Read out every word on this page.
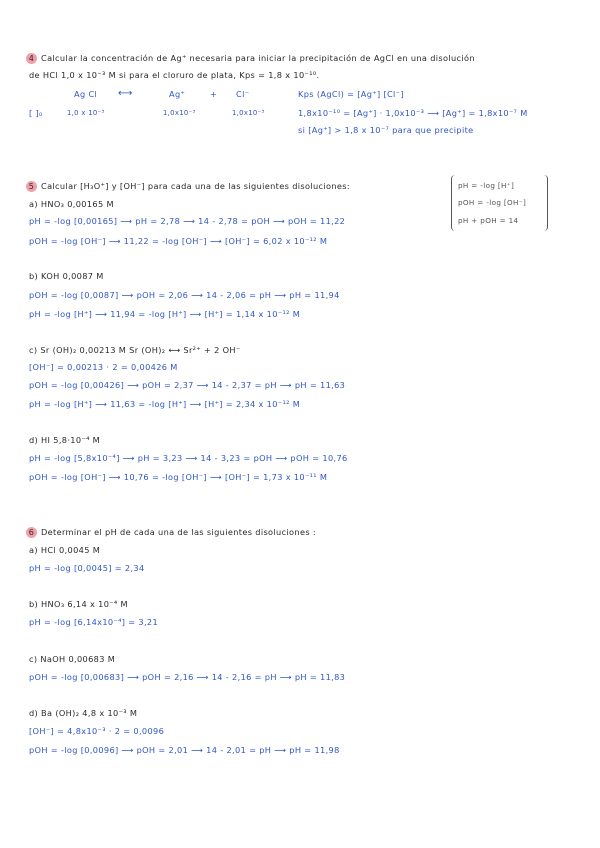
4 Calcular la concentración de Ag⁺ necesaria para iniciar la precipitación de AgCl en una disolución
de HCl 1,0 x 10⁻³ M si para el cloruro de plata, Kps = 1,8 x 10⁻¹⁰.
Ag Cl ⟷	Ag⁺	+ Cl⁻	Kps (AgCl) = [Ag⁺] [Cl⁻]
[ ]₀	1,0 x 10⁻³	1,0x10⁻³	1,0x10⁻³	1,8x10⁻¹⁰ = [Ag⁺] · 1,0x10⁻³ ⟶ [Ag⁺] = 1,8x10⁻⁷ M
si [Ag⁺] > 1,8 x 10⁻⁷ para que precipite
5 Calcular [H₃O⁺] y [OH⁻] para cada una de las siguientes disoluciones:	pH = -log [H⁺]
pOH = -log [OH⁻]
pH + pOH = 14
a) HNO₃ 0,00165 M
pH = -log [0,00165] ⟶ pH = 2,78 ⟶ 14 - 2,78 = pOH ⟶ pOH = 11,22
pOH = -log [OH⁻] ⟶ 11,22 = -log [OH⁻] ⟶ [OH⁻] = 6,02 x 10⁻¹² M
b) KOH 0,0087 M
pOH = -log [0,0087] ⟶ pOH = 2,06 ⟶ 14 - 2,06 = pH ⟶ pH = 11,94
pH = -log [H⁺] ⟶ 11,94 = -log [H⁺] ⟶ [H⁺] = 1,14 x 10⁻¹² M
c) Sr (OH)₂ 0,00213 M Sr (OH)₂ ⟷ Sr²⁺ + 2 OH⁻
[OH⁻] = 0,00213 · 2 = 0,00426 M
pOH = -log [0,00426] ⟶ pOH = 2,37 ⟶ 14 - 2,37 = pH ⟶ pH = 11,63
pH = -log [H⁺] ⟶ 11,63 = -log [H⁺] ⟶ [H⁺] = 2,34 x 10⁻¹² M
d) HI 5,8·10⁻⁴ M
pH = -log [5,8x10⁻⁴] ⟶ pH = 3,23 ⟶ 14 - 3,23 = pOH ⟶ pOH = 10,76
pOH = -log [OH⁻] ⟶ 10,76 = -log [OH⁻] ⟶ [OH⁻] = 1,73 x 10⁻¹¹ M
6 Determinar el pH de cada una de las siguientes disoluciones :
a) HCl 0,0045 M
pH = -log [0,0045] = 2,34
b) HNO₃ 6,14 x 10⁻⁴ M
pH = -log [6,14x10⁻⁴] = 3,21
c) NaOH 0,00683 M
pOH = -log [0,00683] ⟶ pOH = 2,16 ⟶ 14 - 2,16 = pH ⟶ pH = 11,83
d) Ba (OH)₂ 4,8 x 10⁻³ M
[OH⁻] = 4,8x10⁻³ · 2 = 0,0096
pOH = -log [0,0096] ⟶ pOH = 2,01 ⟶ 14 - 2,01 = pH ⟶ pH = 11,98
